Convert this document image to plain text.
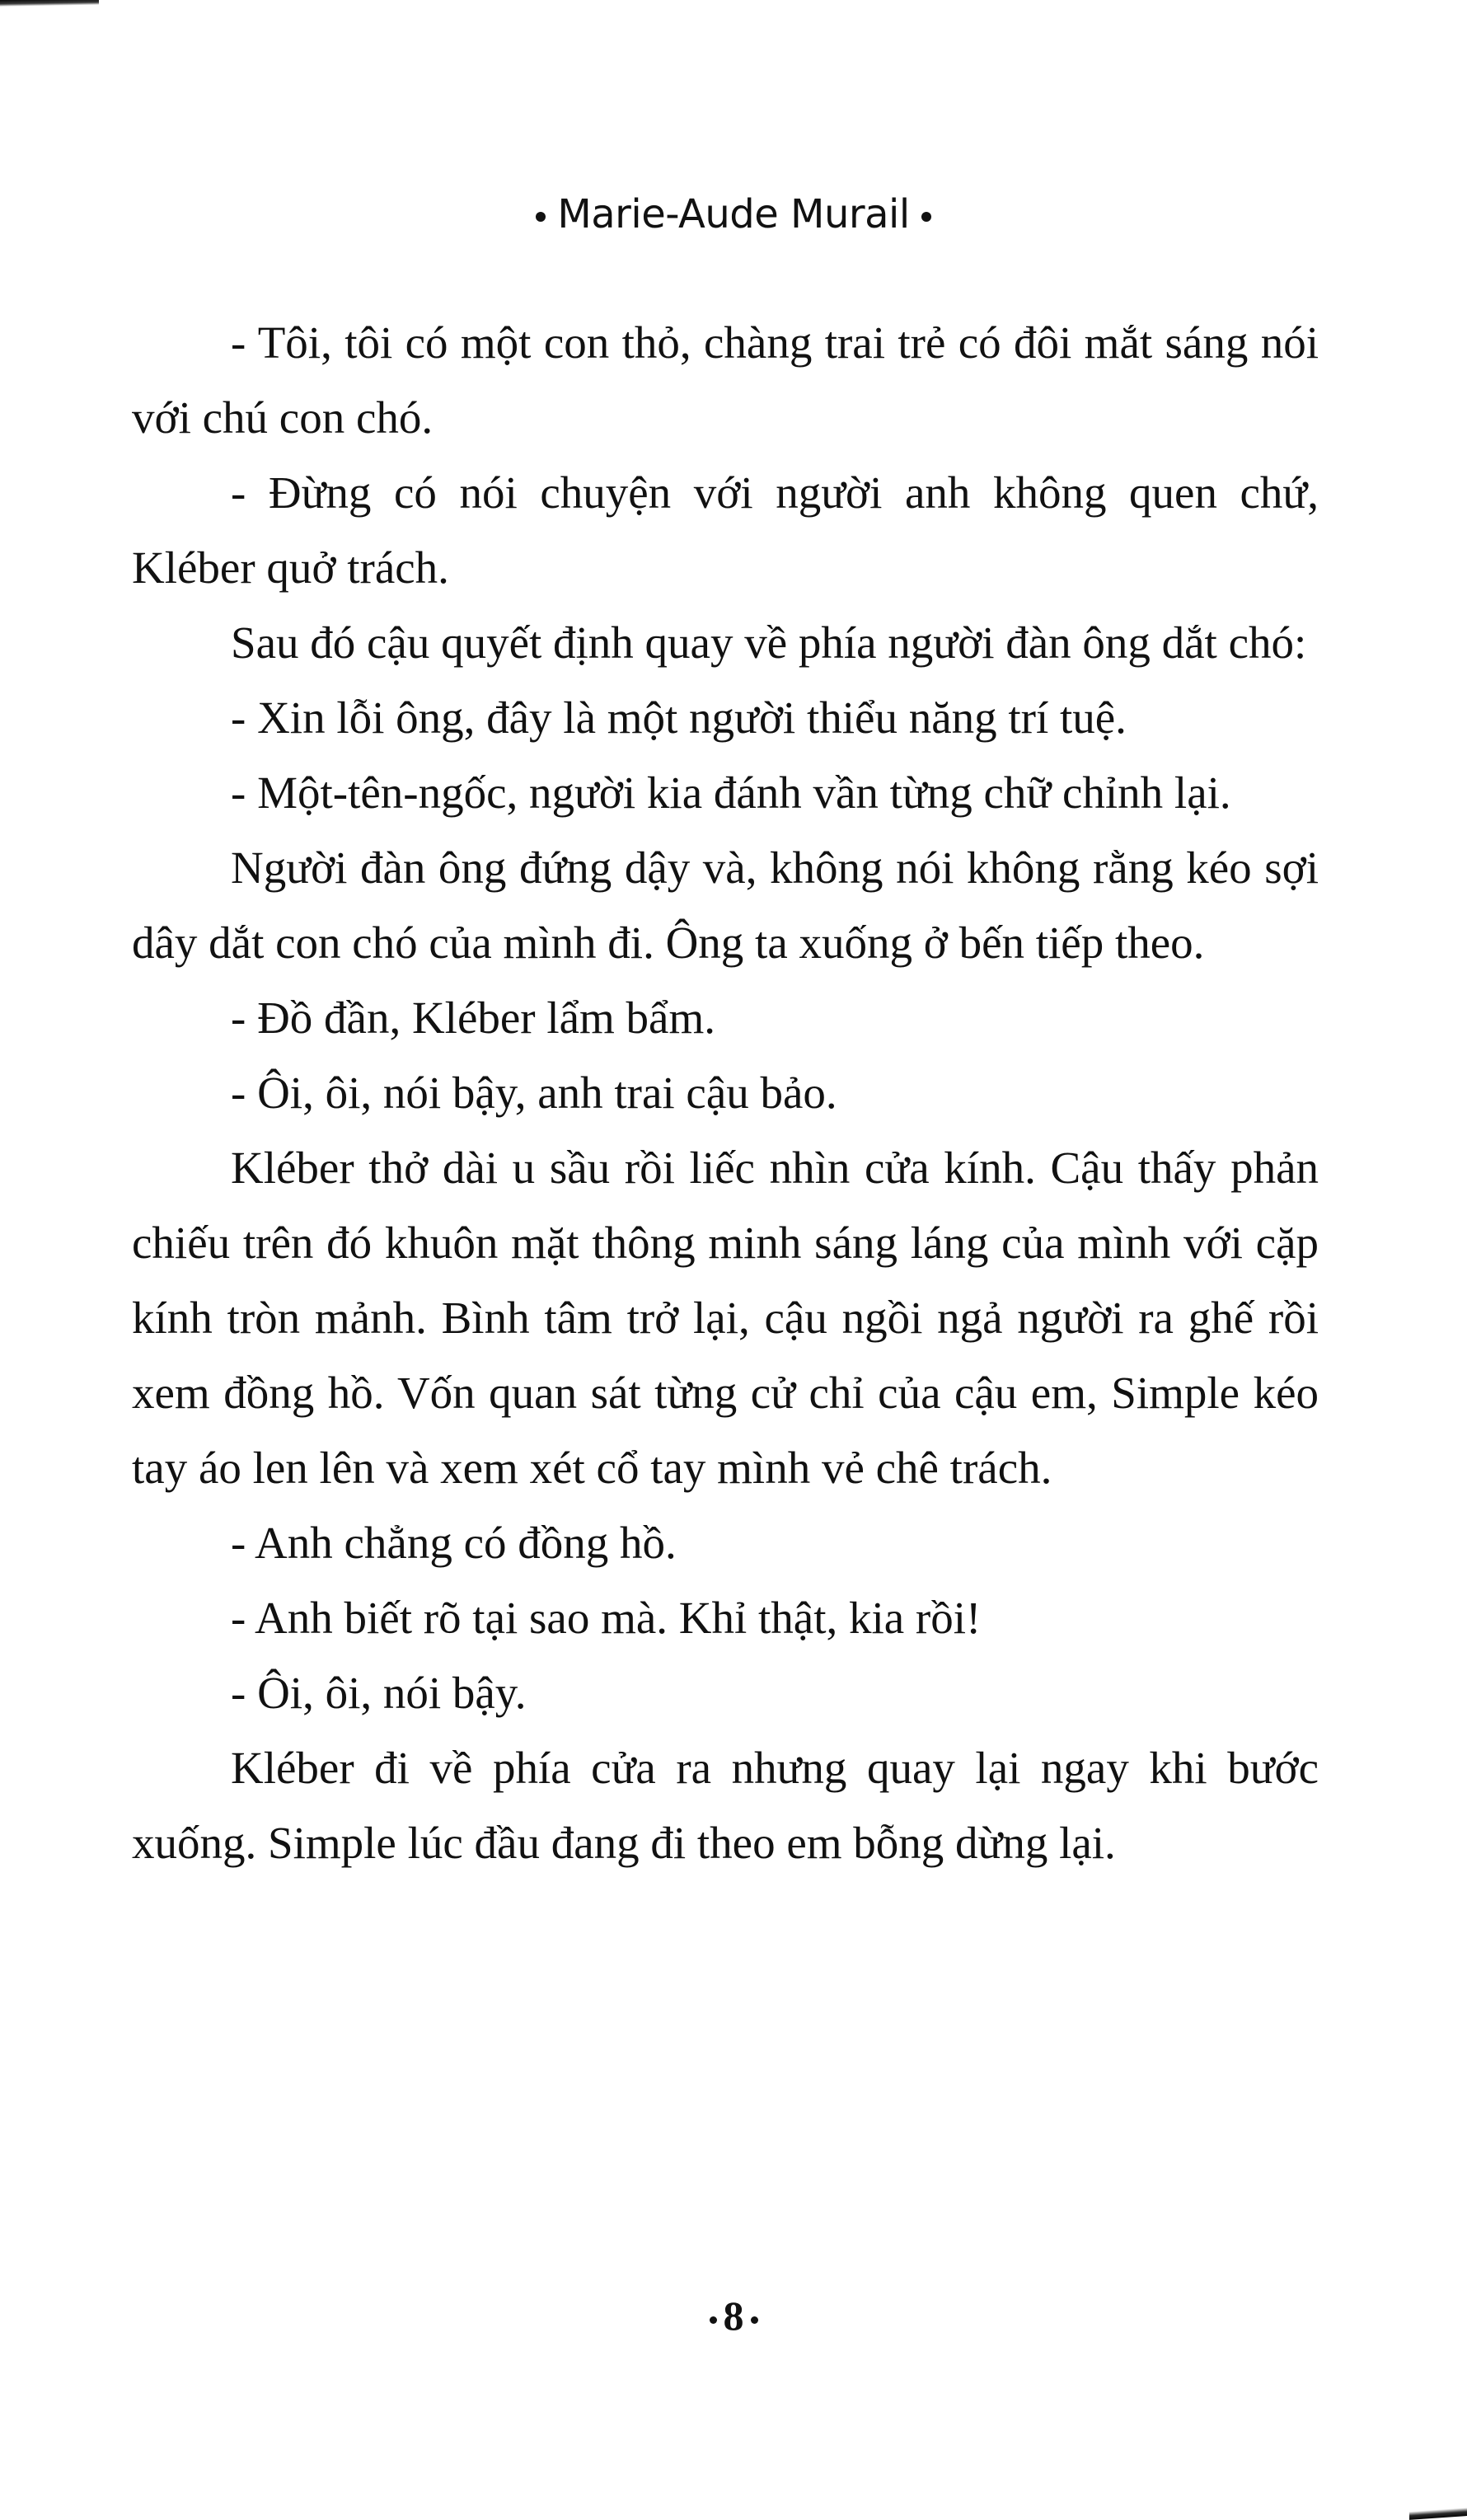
Marie-Aude Murail

- Tôi, tôi có một con thỏ, chàng trai trẻ có đôi mắt sáng nói với chú con chó.

- Đừng có nói chuyện với người anh không quen chứ, Kléber quở trách.

Sau đó cậu quyết định quay về phía người đàn ông dắt chó:

- Xin lỗi ông, đây là một người thiểu năng trí tuệ.

- Một-tên-ngốc, người kia đánh vần từng chữ chỉnh lại.

Người đàn ông đứng dậy và, không nói không rằng kéo sợi dây dắt con chó của mình đi. Ông ta xuống ở bến tiếp theo.

- Đồ đần, Kléber lẩm bẩm.

- Ôi, ôi, nói bậy, anh trai cậu bảo.

Kléber thở dài u sầu rồi liếc nhìn cửa kính. Cậu thấy phản chiếu trên đó khuôn mặt thông minh sáng láng của mình với cặp kính tròn mảnh. Bình tâm trở lại, cậu ngồi ngả người ra ghế rồi xem đồng hồ. Vốn quan sát từng cử chỉ của cậu em, Simple kéo tay áo len lên và xem xét cổ tay mình vẻ chê trách.

- Anh chẳng có đồng hồ.

- Anh biết rõ tại sao mà. Khỉ thật, kia rồi!

- Ôi, ôi, nói bậy.

Kléber đi về phía cửa ra nhưng quay lại ngay khi bước xuống. Simple lúc đầu đang đi theo em bỗng dừng lại.

8
